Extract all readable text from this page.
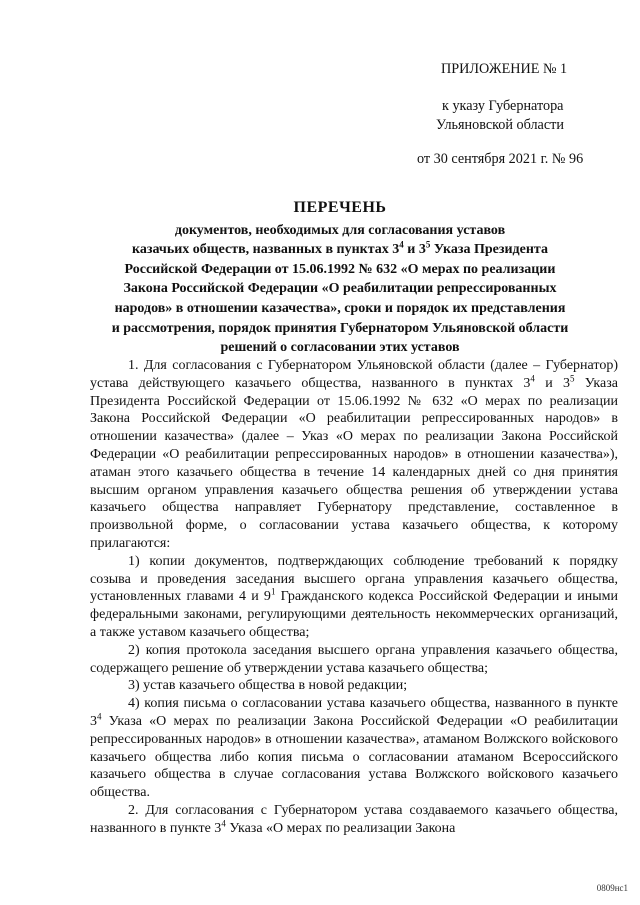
ПРИЛОЖЕНИЕ № 1
к указу Губернатора
Ульяновской области
от 30 сентября 2021 г. № 96
ПЕРЕЧЕНЬ
документов, необходимых для согласования уставов
казачьих обществ, названных в пунктах $3^4$ и $3^5$ Указа Президента
Российской Федерации от 15.06.1992 № 632 «О мерах по реализации
Закона Российской Федерации «О реабилитации репрессированных
народов» в отношении казачества», сроки и порядок их представления
и рассмотрения, порядок принятия Губернатором Ульяновской области
решений о согласовании этих уставов

1. Для согласования с Губернатором Ульяновской области (далее – Губернатор) устава действующего казачьего общества, названного в пунктах $3^4$ и $3^5$ Указа Президента Российской Федерации от 15.06.1992 № 632 «О мерах по реализации Закона Российской Федерации «О реабилитации репрессированных народов» в отношении казачества» (далее – Указ «О мерах по реализации Закона Российской Федерации «О реабилитации репрессированных народов» в отношении казачества»), атаман этого казачьего общества в течение 14 календарных дней со дня принятия высшим органом управления казачьего общества решения об утверждении устава казачьего общества направляет Губернатору представление, составленное в произвольной форме, о согласовании устава казачьего общества, к которому прилагаются:

1) копии документов, подтверждающих соблюдение требований к порядку созыва и проведения заседания высшего органа управления казачьего общества, установленных главами 4 и $9^1$ Гражданского кодекса Российской Федерации и иными федеральными законами, регулирующими деятельность некоммерческих организаций, а также уставом казачьего общества;

2) копия протокола заседания высшего органа управления казачьего общества, содержащего решение об утверждении устава казачьего общества;

3) устав казачьего общества в новой редакции;

4) копия письма о согласовании устава казачьего общества, названного в пункте $3^4$ Указа «О мерах по реализации Закона Российской Федерации «О реабилитации репрессированных народов» в отношении казачества», атаманом Волжского войскового казачьего общества либо копия письма о согласовании атаманом Всероссийского казачьего общества в случае согласования устава Волжского войскового казачьего общества.

2. Для согласования с Губернатором устава создаваемого казачьего общества, названного в пункте $3^4$ Указа «О мерах по реализации Закона

0809нс1
